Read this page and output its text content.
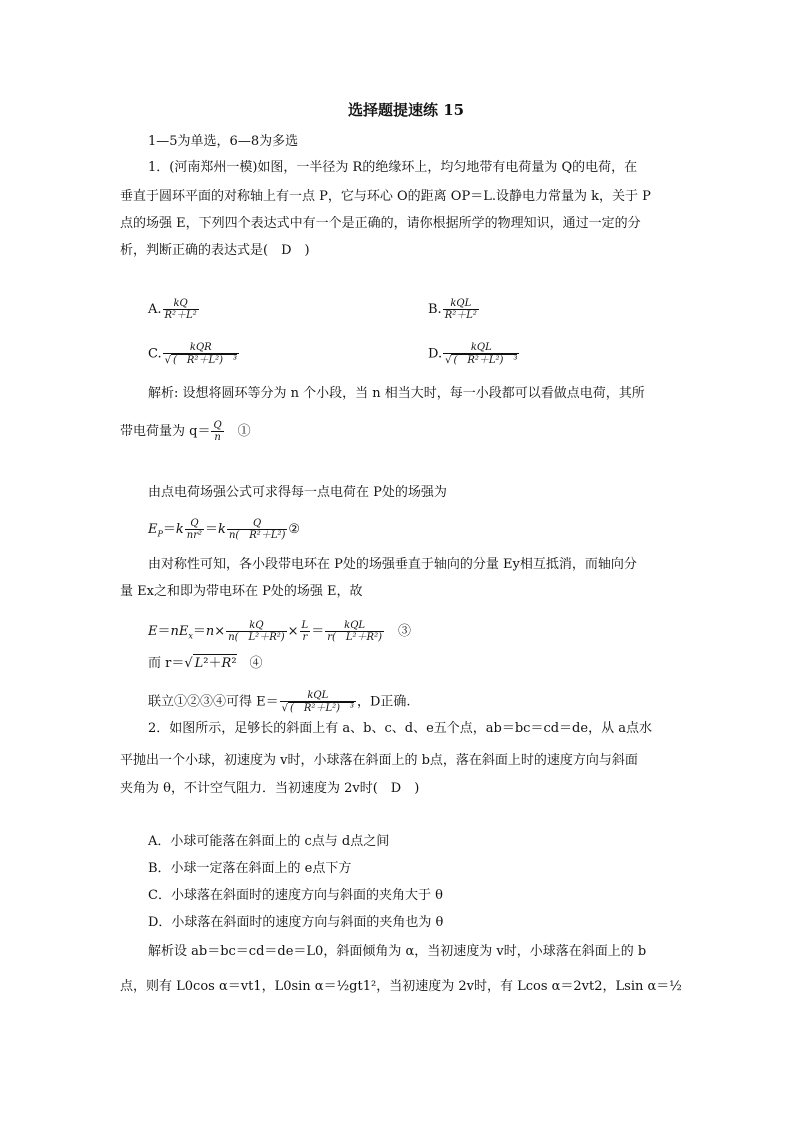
选择题提速练 15
1—5为单选，6—8为多选
1．(河南郑州一模)如图，一半径为 R的绝缘环上，均匀地带有电荷量为 Q的电荷，在
垂直于圆环平面的对称轴上有一点 P，它与环心 O的距离 OP＝L.设静电力常量为 k，关于 P
点的场强 E，下列四个表达式中有一个是正确的，请你根据所学的物理知识，通过一定的分
析，判断正确的表达式是(　D　)
A. $\frac{kQ}{\text{R²＋L²}}$	B. $\frac{\text{kQL}}{\text{R²＋L²}}$
C. $\frac{\text{kQR}}{\text{√ (　R²＋L²)　³}}$	D. $\frac{\text{kQL}}{\text{√ (　R²＋L²)　³}}$
解析: 设想将圆环等分为 n 个小段，当 n 相当大时，每一小段都可以看做点电荷，其所
带电荷量为 $q= \frac{Q}{n}$ 　①
由点电荷场强公式可求得每一点电荷在 P处的场强为
$E_P=k \frac{Q}{\text{nr²}} =k \frac{Q}{\text{n(　R²＋L²)}}$ ②
由对称性可知，各小段带电环在 P处的场强垂直于轴向的分量 Ey相互抵消，而轴向分
量 Ex之和即为带电环在 P处的场强 E，故
$E=nE_x=n\times \frac{kQ}{\text{n(　L²＋R²)}} \times \frac{L}{r} = \frac{\text{kQL}}{\text{r(　L²＋R²)}}$ 　③
而 r＝√ L²＋R²　④
联立①②③④可得 $E= \frac{\text{kQL}}{\text{√ (　R²＋L²)　³}}$ ，D正确.
2．如图所示，足够长的斜面上有 a、b、c、d、e五个点，ab＝bc＝cd＝de，从 a点水
平抛出一个小球，初速度为 v时，小球落在斜面上的 b点，落在斜面上时的速度方向与斜面
夹角为 θ，不计空气阻力．当初速度为 2v时(　D　)
A．小球可能落在斜面上的 c点与 d点之间
B．小球一定落在斜面上的 e点下方
C．小球落在斜面时的速度方向与斜面的夹角大于 θ
D．小球落在斜面时的速度方向与斜面的夹角也为 θ
解析设 ab＝bc＝cd＝de＝L0，斜面倾角为 α，当初速度为 v时，小球落在斜面上的 b
点，则有 L0cos α＝vt1，L0sin α＝½gt1²，当初速度为 2v时，有 Lcos α＝2vt2，Lsin α＝½
